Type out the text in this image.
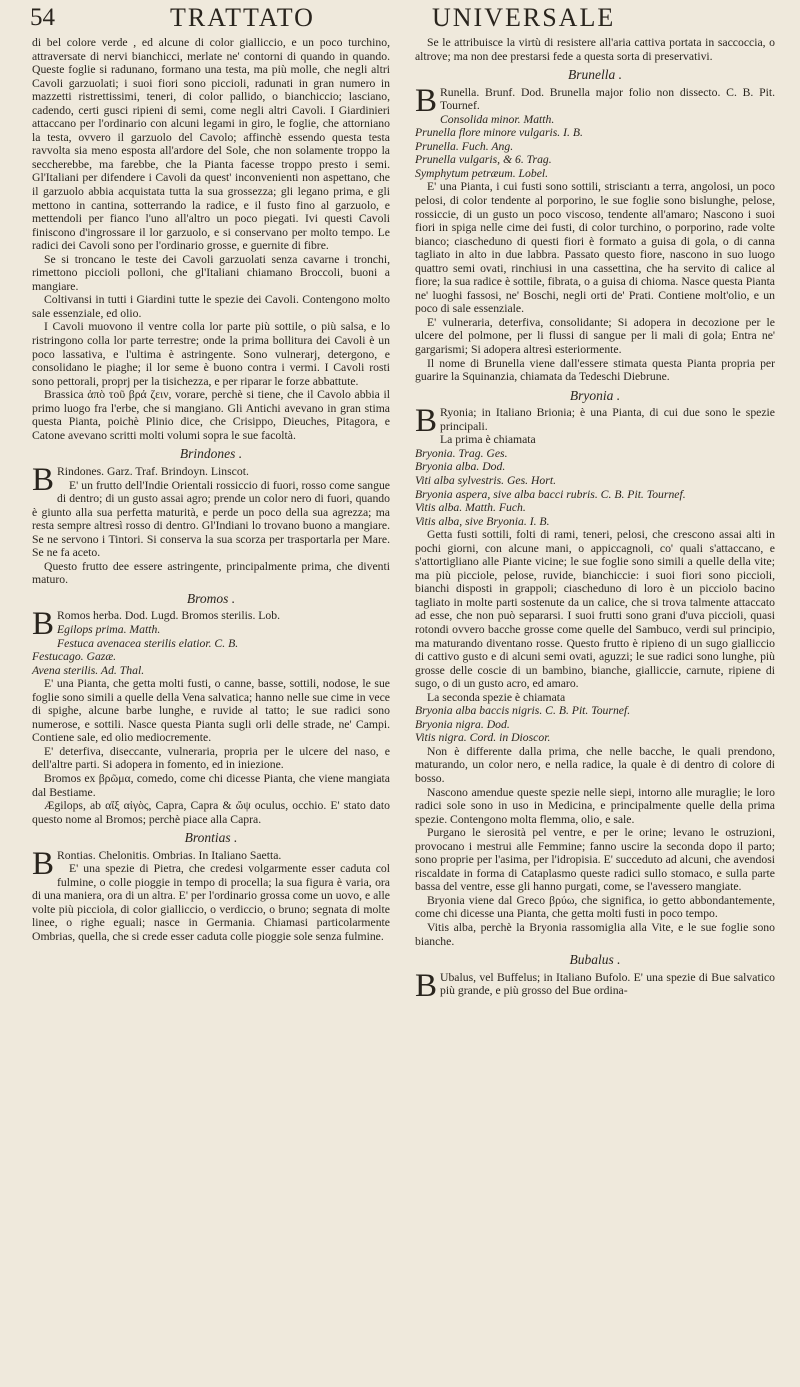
54	TRATTATO	UNIVERSALE

di bel colore verde , ed alcune di color gialliccio, e un poco turchino, attraversate di nervi bianchicci, merlate ne' contorni di quando in quando. Queste foglie si radunano, formano una testa, ma più molle, che negli altri Cavoli garzuolati; i suoi fiori sono piccioli, radunati in gran numero in mazzetti ristrettissimi, teneri, di color pallido, o bianchiccio; lasciano, cadendo, certi gusci ripieni di semi, come negli altri Cavoli. I Giardinieri attaccano per l'ordinario con alcuni legami in giro, le foglie, che attorniano la testa, ovvero il garzuolo del Cavolo; affinchè essendo questa testa ravvolta sia meno esposta all'ardore del Sole, che non solamente troppo la seccherebbe, ma farebbe, che la Pianta facesse troppo presto i semi. Gl'Italiani per difendere i Cavoli da quest' inconvenienti non aspettano, che il garzuolo abbia acquistata tutta la sua grossezza; gli legano prima, e gli mettono in cantina, sotterrando la radice, e il fusto fino al garzuolo, e mettendoli per fianco l'uno all'altro un poco piegati. Ivi questi Cavoli finiscono d'ingrossare il lor garzuolo, e si conservano per molto tempo. Le radici dei Cavoli sono per l'ordinario grosse, e guernite di fibre.

Se si troncano le teste dei Cavoli garzuolati senza cavarne i tronchi, rimettono piccioli polloni, che gl'Italiani chiamano Broccoli, buoni a mangiare.

Coltivansi in tutti i Giardini tutte le spezie dei Cavoli. Contengono molto sale essenziale, ed olio.

I Cavoli muovono il ventre colla lor parte più sottile, o più salsa, e lo ristringono colla lor parte terrestre; onde la prima bollitura dei Cavoli è un poco lassativa, e l'ultima è astringente. Sono vulnerarj, detergono, e consolidano le piaghe; il lor seme è buono contra i vermi. I Cavoli rosti sono pettorali, proprj per la tisichezza, e per riparar le forze abbattute.

Brassica ἀπὸ τοῦ βρά ζειν, vorare, perchè si tiene, che il Cavolo abbia il primo luogo fra l'erbe, che si mangiano. Gli Antichi avevano in gran stima questa Pianta, poichè Plinio dice, che Crisippo, Dieuches, Pitagora, e Catone avevano scritti molti volumi sopra le sue facoltà.

Brindones .

B Rindones. Garz. Traf. Brindoyn. Linscot.

E' un frutto dell'Indie Orientali rossiccio di fuori, rosso come sangue di dentro; di un gusto assai agro; prende un color nero di fuori, quando è giunto alla sua perfetta maturità, e perde un poco della sua agrezza; ma resta sempre altresì rosso di dentro. Gl'Indiani lo trovano buono a mangiare. Se ne servono i Tintori. Si conserva la sua scorza per trasportarla per Mare. Se ne fa aceto.

Questo frutto dee essere astringente, principalmente prima, che diventi maturo.

Bromos .

B Romos herba. Dod. Lugd. Bromos sterilis. Lob.

Egilops prima. Matth.

Festuca avenacea sterilis elatior. C. B.

Festucago. Gazæ.

Avena sterilis. Ad. Thal.

E' una Pianta, che getta molti fusti, o canne, basse, sottili, nodose, le sue foglie sono simili a quelle della Vena salvatica; hanno nelle sue cime in vece di spighe, alcune barbe lunghe, e ruvide al tatto; le sue radici sono numerose, e sottili. Nasce questa Pianta sugli orli delle strade, ne' Campi. Contiene sale, ed olio mediocremente.

E' deterfiva, diseccante, vulneraria, propria per le ulcere del naso, e dell'altre parti. Si adopera in fomento, ed in iniezione.

Bromos ex βρῶμα, comedo, come chi dicesse Pianta, che viene mangiata dal Bestiame.

Ægilops, ab αἴξ αἰγὸς, Capra, Capra & ὤψ oculus, occhio. E' stato dato questo nome al Bromos; perchè piace alla Capra.

Brontias .

B Rontias. Chelonitis. Ombrias. In Italiano Saetta.

E' una spezie di Pietra, che credesi volgarmente esser caduta col fulmine, o colle pioggie in tempo di procella; la sua figura è varia, ora di una maniera, ora di un altra. E' per l'ordinario grossa come un uovo, e alle volte più picciola, di color gialliccio, o verdiccio, o bruno; segnata di molte linee, o righe eguali; nasce in Germania. Chiamasi particolarmente Ombrias, quella, che si crede esser caduta colle pioggie sole senza fulmine.

Se le attribuisce la virtù di resistere all'aria cattiva portata in saccoccia, o altrove; ma non dee prestarsi fede a questa sorta di preservativi.

Brunella .

B Runella. Brunf. Dod. Brunella major folio non dissecto. C. B. Pit. Tournef.

Consolida minor. Matth.

Prunella flore minore vulgaris. I. B.

Prunella. Fuch. Ang.

Prunella vulgaris, & 6. Trag.

Symphytum petræum. Lobel.

E' una Pianta, i cui fusti sono sottili, strisciantı a terra, angolosi, un poco pelosi, di color tendente al porporino, le sue foglie sono bislunghe, pelose, rossiccie, di un gusto un poco viscoso, tendente all'amaro; Nascono i suoi fiori in spiga nelle cime dei fusti, di color turchino, o porporino, rade volte bianco; ciascheduno di questi fiori è formato a guisa di gola, o di canna tagliato in alto in due labbra. Passato questo fiore, nascono in suo luogo quattro semi ovati, rinchiusi in una cassettina, che ha servito di calice al fiore; la sua radice è sottile, fibrata, o a guisa di chioma. Nasce questa Pianta ne' luoghi fassosi, ne' Boschi, negli orti de' Prati. Contiene molt'olio, e un poco di sale essenziale.

E' vulneraria, deterfiva, consolidante; Si adopera in decozione per le ulcere del polmone, per li flussi di sangue per li mali di gola; Entra ne' gargarismi; Si adopera altresì esteriormente.

Il nome di Brunella viene dall'essere stimata questa Pianta propria per guarire la Squinanzia, chiamata da Tedeschi Diebrune.

Bryonia .

B Ryonia; in Italiano Brionia; è una Pianta, di cui due sono le spezie principali.

La prima è chiamata

Bryonia. Trag. Ges.

Bryonia alba. Dod.

Viti alba sylvestris. Ges. Hort.

Bryonia aspera, sive alba bacci rubris. C. B. Pit. Tournef.

Vitis alba. Matth. Fuch.

Vitis alba, sive Bryonia. I. B.

Getta fusti sottili, folti di rami, teneri, pelosi, che crescono assai alti in pochi giorni, con alcune mani, o appiccagnoli, co' quali s'attaccano, e s'attortigliano alle Piante vicine; le sue foglie sono simili a quelle della vite; ma più picciole, pelose, ruvide, bianchiccie: i suoi fiori sono piccioli, bianchi disposti in grappoli; ciascheduno di loro è un picciolo bacino tagliato in molte parti sostenute da un calice, che si trova talmente attaccato ad esse, che non può separarsi. I suoi frutti sono grani d'uva piccioli, quasi rotondi ovvero bacche grosse come quelle del Sambuco, verdi sul principio, ma maturando diventano rosse. Questo frutto è ripieno di un sugo gialliccio di cattivo gusto e di alcuni semi ovati, aguzzi; le sue radici sono lunghe, più grosse delle coscie di un bambino, bianche, gialliccie, carnute, ripiene di sugo, o di un gusto acro, ed amaro.

La seconda spezie è chiamata

Bryonia alba baccis nigris. C. B. Pit. Tournef.

Bryonia nigra. Dod.

Vitis nigra. Cord. in Dioscor.

Non è differente dalla prima, che nelle bacche, le quali prendono, maturando, un color nero, e nella radice, la quale è di dentro di colore di bosso.

Nascono amendue queste spezie nelle siepi, intorno alle muraglie; le loro radici sole sono in uso in Medicina, e principalmente quelle della prima spezie. Contengono molta flemma, olio, e sale.

Purgano le sierosità pel ventre, e per le orine; levano le ostruzioni, provocano i mestrui alle Femmine; fanno uscire la seconda dopo il parto; sono proprie per l'asima, per l'idropisia. E' succeduto ad alcuni, che avendosi riscaldate in forma di Cataplasmo queste radici sullo stomaco, e sulla parte bassa del ventre, esse gli hanno purgati, come, se l'avessero mangiate.

Bryonia viene dal Greco βρύω, che significa, io getto abbondantemente, come chi dicesse una Pianta, che getta molti fusti in poco tempo.

Vitis alba, perchè la Bryonia rassomiglia alla Vite, e le sue foglie sono bianche.

Bubalus .

B Ubalus, vel Buffelus; in Italiano Bufolo. E' una spezie di Bue salvatico più grande, e più grosso del Bue ordina-
